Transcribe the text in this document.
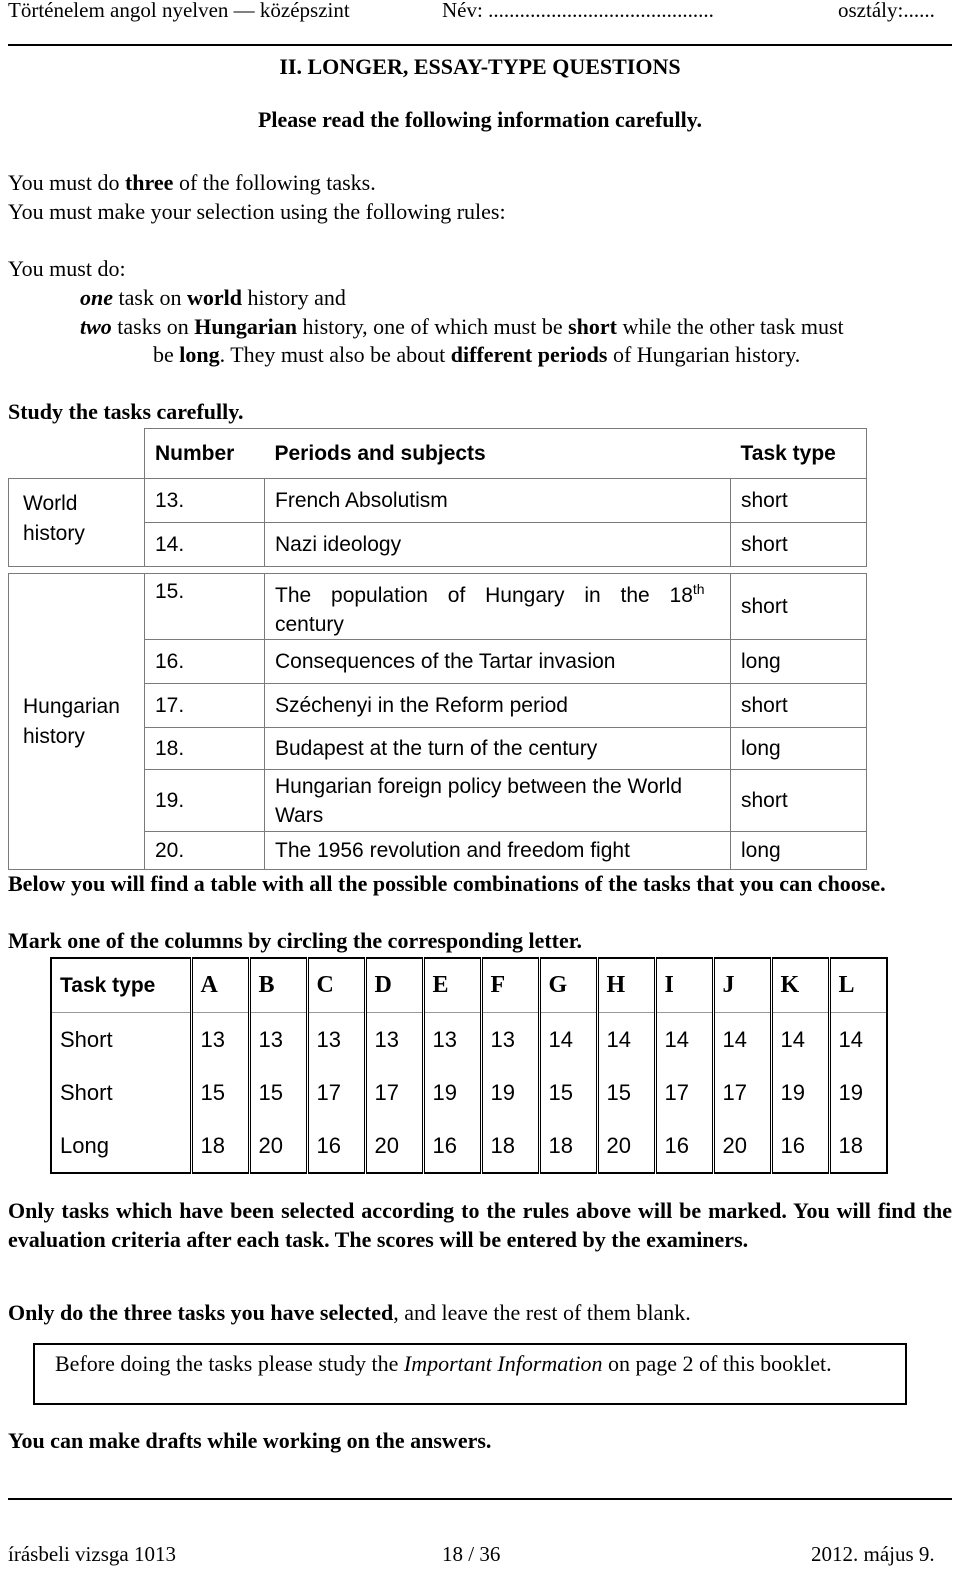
Történelem angol nyelven — középszint	Név: ...........................................	osztály:......
II. LONGER, ESSAY-TYPE QUESTIONS
Please read the following information carefully.
You must do three of the following tasks.
You must make your selection using the following rules:
You must do:
one task on world history and
two tasks on Hungarian history, one of which must be short while the other task must
be long. They must also be about different periods of Hungarian history.
Study the tasks carefully.
	Number	Periods and subjects	Task type

World history	13.	French Absolutism	short
	14.	Nazi ideology	short

Hungarian history	15.	The population of Hungary in the 18th
century	short
	16.	Consequences of the Tartar invasion	long
	17.	Széchenyi in the Reform period	short
	18.	Budapest at the turn of the century	long
	19.	Hungarian foreign policy between the World Wars	short
	20.	The 1956 revolution and freedom fight	long
Below you will find a table with all the possible combinations of the tasks that you can choose.
Mark one of the columns by circling the corresponding letter.
Task type	A	B	C	D	E	F	G	H	I	J	K	L
Short	13	13	13	13	13	13	14	14	14	14	14	14
Short	15	15	17	17	19	19	15	15	17	17	19	19
Long	18	20	16	20	16	18	18	20	16	20	16	18
Only tasks which have been selected according to the rules above will be marked. You will find the evaluation criteria after each task. The scores will be entered by the examiners.
Only do the three tasks you have selected, and leave the rest of them blank.
Before doing the tasks please study the Important Information on page 2 of this booklet.
You can make drafts while working on the answers.
írásbeli vizsga 1013	18 / 36	2012. május 9.
